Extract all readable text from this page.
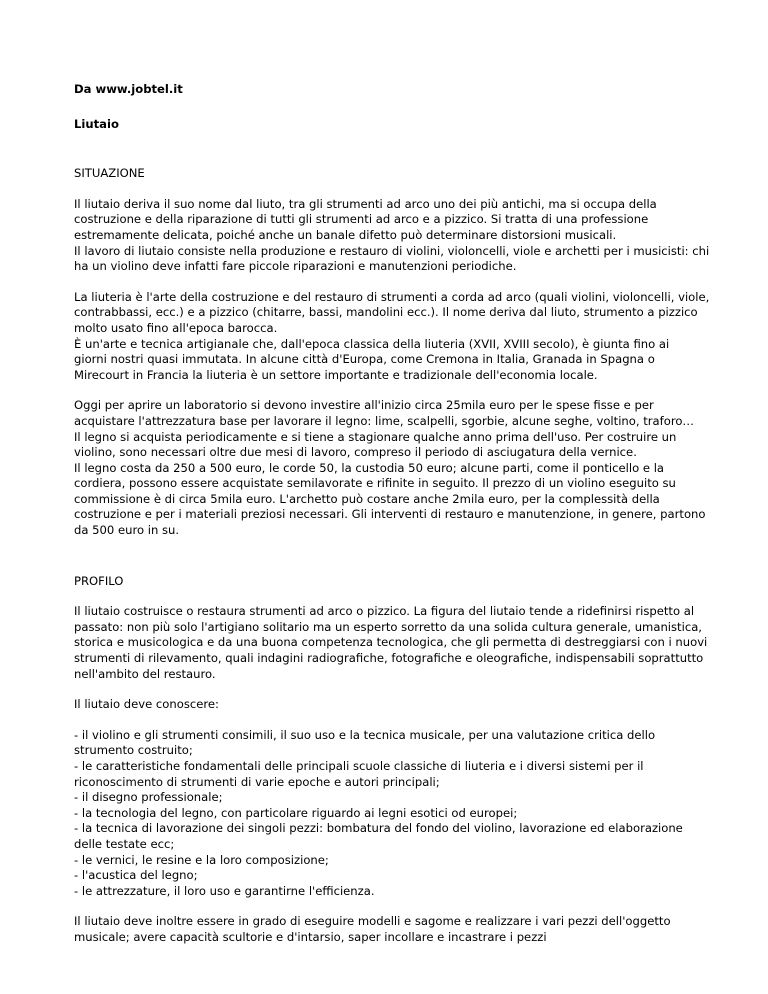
Da www.jobtel.it

Liutaio

SITUAZIONE

Il liutaio deriva il suo nome dal liuto, tra gli strumenti ad arco uno dei più antichi, ma si occupa della
costruzione e della riparazione di tutti gli strumenti ad arco e a pizzico. Si tratta di una professione
estremamente delicata, poiché anche un banale difetto può determinare distorsioni musicali.
Il lavoro di liutaio consiste nella produzione e restauro di violini, violoncelli, viole e archetti per i musicisti: chi
ha un violino deve infatti fare piccole riparazioni e manutenzioni periodiche.

La liuteria è l'arte della costruzione e del restauro di strumenti a corda ad arco (quali violini, violoncelli, viole,
contrabbassi, ecc.) e a pizzico (chitarre, bassi, mandolini ecc.). Il nome deriva dal liuto, strumento a pizzico
molto usato fino all'epoca barocca.
È un'arte e tecnica artigianale che, dall'epoca classica della liuteria (XVII, XVIII secolo), è giunta fino ai
giorni nostri quasi immutata. In alcune città d'Europa, come Cremona in Italia, Granada in Spagna o
Mirecourt in Francia la liuteria è un settore importante e tradizionale dell'economia locale.

Oggi per aprire un laboratorio si devono investire all'inizio circa 25mila euro per le spese fisse e per
acquistare l'attrezzatura base per lavorare il legno: lime, scalpelli, sgorbie, alcune seghe, voltino, traforo…
Il legno si acquista periodicamente e si tiene a stagionare qualche anno prima dell'uso. Per costruire un
violino, sono necessari oltre due mesi di lavoro, compreso il periodo di asciugatura della vernice.
Il legno costa da 250 a 500 euro, le corde 50, la custodia 50 euro; alcune parti, come il ponticello e la
cordiera, possono essere acquistate semilavorate e rifinite in seguito. Il prezzo di un violino eseguito su
commissione è di circa 5mila euro. L'archetto può costare anche 2mila euro, per la complessità della
costruzione e per i materiali preziosi necessari. Gli interventi di restauro e manutenzione, in genere, partono
da 500 euro in su.

PROFILO

Il liutaio costruisce o restaura strumenti ad arco o pizzico. La figura del liutaio tende a ridefinirsi rispetto al
passato: non più solo l'artigiano solitario ma un esperto sorretto da una solida cultura generale, umanistica,
storica e musicologica e da una buona competenza tecnologica, che gli permetta di destreggiarsi con i nuovi
strumenti di rilevamento, quali indagini radiografiche, fotografiche e oleografiche, indispensabili soprattutto
nell'ambito del restauro.

Il liutaio deve conoscere:

- il violino e gli strumenti consimili, il suo uso e la tecnica musicale, per una valutazione critica dello
strumento costruito;
- le caratteristiche fondamentali delle principali scuole classiche di liuteria e i diversi sistemi per il
riconoscimento di strumenti di varie epoche e autori principali;
- il disegno professionale;
- la tecnologia del legno, con particolare riguardo ai legni esotici od europei;
- la tecnica di lavorazione dei singoli pezzi: bombatura del fondo del violino, lavorazione ed elaborazione
delle testate ecc;
- le vernici, le resine e la loro composizione;
- l'acustica del legno;
- le attrezzature, il loro uso e garantirne l'efficienza.

Il liutaio deve inoltre essere in grado di eseguire modelli e sagome e realizzare i vari pezzi dell'oggetto
musicale; avere capacità scultorie e d'intarsio, saper incollare e incastrare i pezzi
